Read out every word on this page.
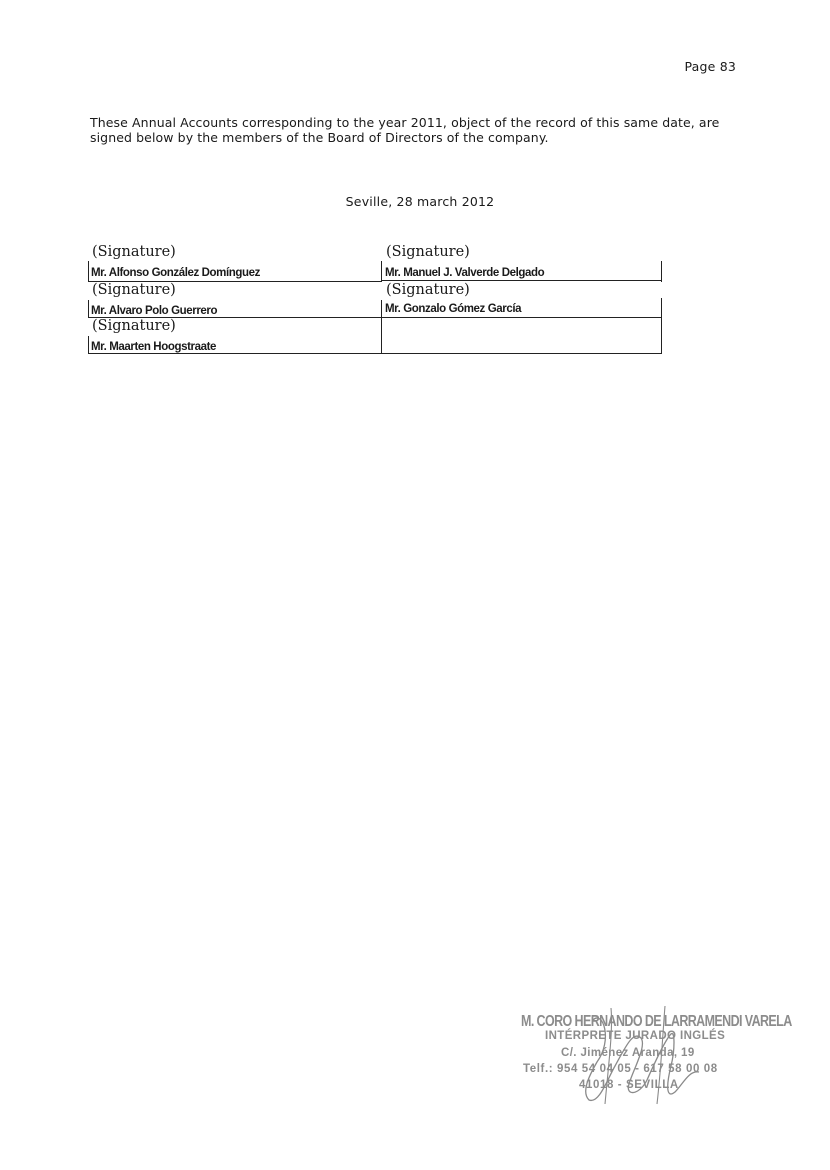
Page 83
These Annual Accounts corresponding to the year 2011, object of the record of this same date, are signed below by the members of the Board of Directors of the company.
Seville, 28 march 2012
(Signature)
Mr. Alfonso González Domínguez
(Signature)
Mr. Manuel J. Valverde Delgado
(Signature)
Mr. Alvaro Polo Guerrero
(Signature)
Mr. Gonzalo Gómez García
(Signature)
Mr. Maarten Hoogstraate
M. CORO HERNANDO DE LARRAMENDI VARELA
INTÉRPRETE JURADO INGLÉS
C/. Jiménez Aranda, 19
Telf.: 954 54 04 05 - 617 58 00 08
41018 - SEVILLA
